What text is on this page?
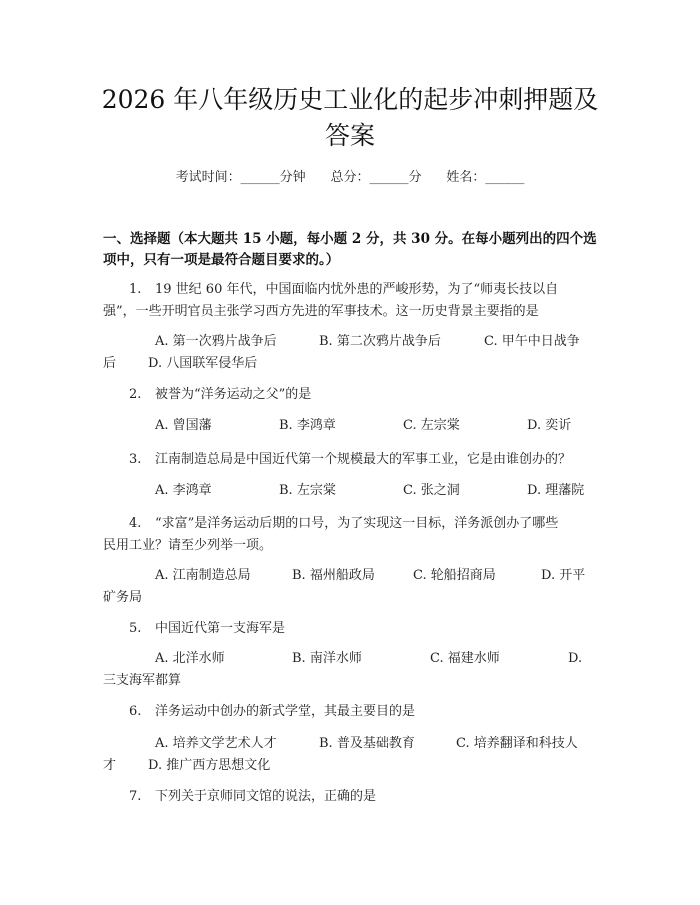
2026 年八年级历史工业化的起步冲刺押题及
答案
考试时间：______分钟 总分：______分 姓名：______
一、选择题（本大题共 15 小题，每小题 2 分，共 30 分。在每小题列出的四个选
项中，只有一项是最符合题目要求的。）
1. 19 世纪 60 年代，中国面临内忧外患的严峻形势，为了“师夷长技以自
强”，一些开明官员主张学习西方先进的军事技术。这一历史背景主要指的是
A. 第一次鸦片战争后	B. 第二次鸦片战争后	C. 甲午中日战争
后 D. 八国联军侵华后
2. 被誉为“洋务运动之父”的是
A. 曾国藩	B. 李鸿章	C. 左宗棠	D. 奕䜣
3. 江南制造总局是中国近代第一个规模最大的军事工业，它是由谁创办的？
A. 李鸿章	B. 左宗棠	C. 张之洞	D. 理藩院
4. “求富”是洋务运动后期的口号，为了实现这一目标，洋务派创办了哪些
民用工业？请至少列举一项。
A. 江南制造总局	B. 福州船政局	C. 轮船招商局	D. 开平
矿务局
5. 中国近代第一支海军是
A. 北洋水师	B. 南洋水师	C. 福建水师	D.
三支海军都算
6. 洋务运动中创办的新式学堂，其最主要目的是
A. 培养文学艺术人才	B. 普及基础教育	C. 培养翻译和科技人
才 D. 推广西方思想文化
7. 下列关于京师同文馆的说法，正确的是
